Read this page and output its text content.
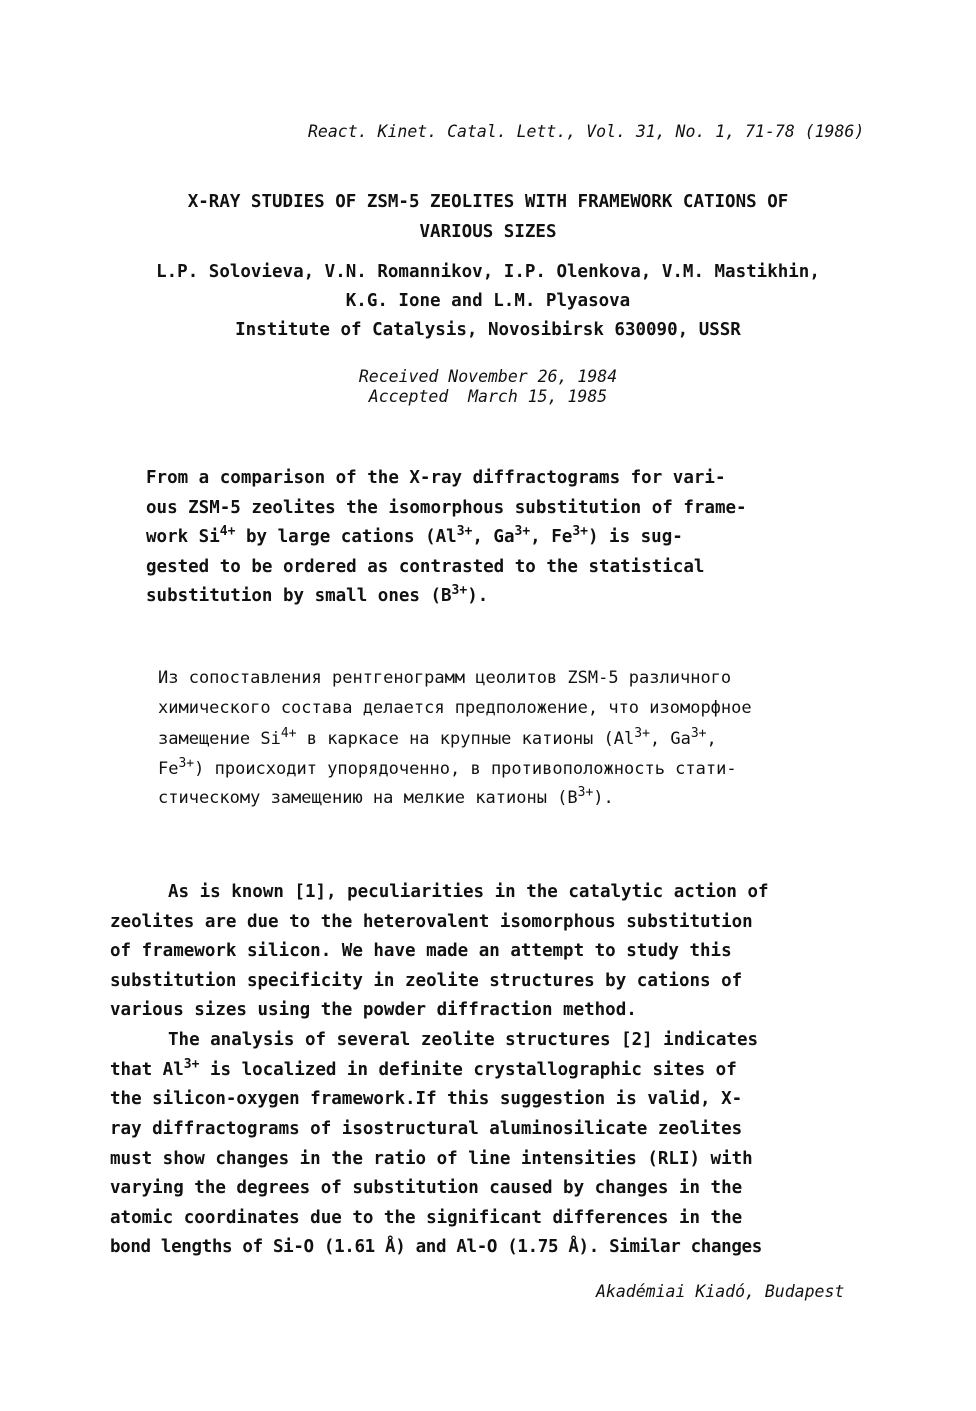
React. Kinet. Catal. Lett., Vol. 31, No. 1, 71-78 (1986)
X-RAY STUDIES OF ZSM-5 ZEOLITES WITH FRAMEWORK CATIONS OF
VARIOUS SIZES
L.P. Solovieva, V.N. Romannikov, I.P. Olenkova, V.M. Mastikhin,
K.G. Ione and L.M. Plyasova
Institute of Catalysis, Novosibirsk 630090, USSR
Received November 26, 1984
Accepted  March 15, 1985
From a comparison of the X-ray diffractograms for vari-
ous ZSM-5 zeolites the isomorphous substitution of frame-
work $Si^{4+}$ by large cations ($Al^{3+}$, $Ga^{3+}$, $Fe^{3+}$) is sug-
gested to be ordered as contrasted to the statistical
substitution by small ones $(B^{3+})$.
Из сопоставления рентгенограмм цеолитов ZSM-5 различного
химического состава делается предположение, что изоморфное
замещение $Si^{4+}$ в каркасе на крупные катионы ($Al^{3+}$, $Ga^{3+}$,
$Fe^{3+}$) происходит упорядоченно, в противоположность стати-
стическому замещению на мелкие катионы $(B^{3+})$.
As is known [1], peculiarities in the catalytic action of
zeolites are due to the heterovalent isomorphous substitution
of framework silicon. We have made an attempt to study this
substitution specificity in zeolite structures by cations of
various sizes using the powder diffraction method.
The analysis of several zeolite structures [2] indicates
that $Al^{3+}$ is localized in definite crystallographic sites of
the silicon-oxygen framework.If this suggestion is valid, X-
ray diffractograms of isostructural aluminosilicate zeolites
must show changes in the ratio of line intensities (RLI) with
varying the degrees of substitution caused by changes in the
atomic coordinates due to the significant differences in the
bond lengths of Si-O (1.61 Å) and Al-O (1.75 Å). Similar changes
Akadémiai Kiadó, Budapest
